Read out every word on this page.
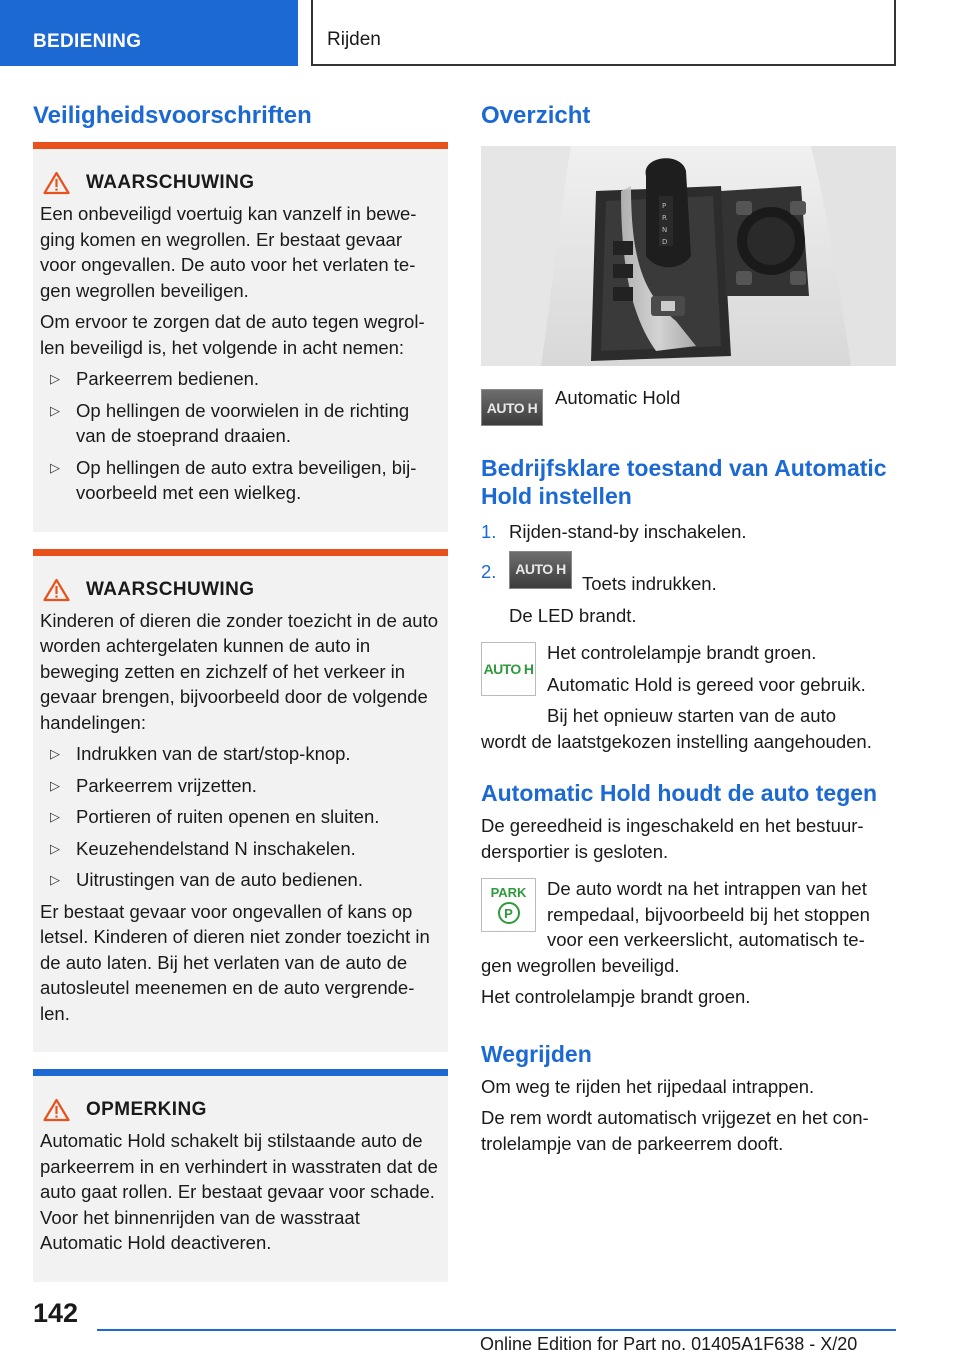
BEDIENING	Rijden
Veiligheidsvoorschriften
WAARSCHUWING

Een onbeveiligd voertuig kan vanzelf in bewe-ging komen en wegrollen. Er bestaat gevaar voor ongevallen. De auto voor het verlaten te-gen wegrollen beveiligen.

Om ervoor te zorgen dat de auto tegen wegrol-len beveiligd is, het volgende in acht nemen:

▷ Parkeerrem bedienen.
▷ Op hellingen de voorwielen in de richting van de stoeprand draaien.
▷ Op hellingen de auto extra beveiligen, bij-voorbeeld met een wielkeg.
WAARSCHUWING

Kinderen of dieren die zonder toezicht in de auto worden achtergelaten kunnen de auto in beweging zetten en zichzelf of het verkeer in gevaar brengen, bijvoorbeeld door de volgende handelingen:

▷ Indrukken van de start/stop-knop.
▷ Parkeerrem vrijzetten.
▷ Portieren of ruiten openen en sluiten.
▷ Keuzehendelstand N inschakelen.
▷ Uitrustingen van de auto bedienen.

Er bestaat gevaar voor ongevallen of kans op letsel. Kinderen of dieren niet zonder toezicht in de auto laten. Bij het verlaten van de auto de autosleutel meenemen en de auto vergrende-len.

OPMERKING

Automatic Hold schakelt bij stilstaande auto de parkeerrem in en verhindert in wasstraten dat de auto gaat rollen. Er bestaat gevaar voor schade. Voor het binnenrijden van de wasstraat Automatic Hold deactiveren.

Overzicht
P
R
N
D
AUTO H Automatic Hold

Bedrijfsklare toestand van Automatic Hold instellen
1. Rijden-stand-by inschakelen.
2.	AUTO H
Toets indrukken.

De LED brandt.

AUTO H

Het controlelampje brandt groen.

Automatic Hold is gereed voor gebruik.

Bij het opnieuw starten van de auto

wordt de laatstgekozen instelling aangehouden.

Automatic Hold houdt de auto tegen

De gereedheid is ingeschakeld en het bestuur-dersportier is gesloten.

PARK
P

De auto wordt na het intrappen van het rempedaal, bijvoorbeeld bij het stoppen voor een verkeerslicht, automatisch te-

gen wegrollen beveiligd.

Het controlelampje brandt groen.

Wegrijden

Om weg te rijden het rijpedaal intrappen.

De rem wordt automatisch vrijgezet en het con-trolelampje van de parkeerrem dooft.

142
Online Edition for Part no. 01405A1F638 - X/20
